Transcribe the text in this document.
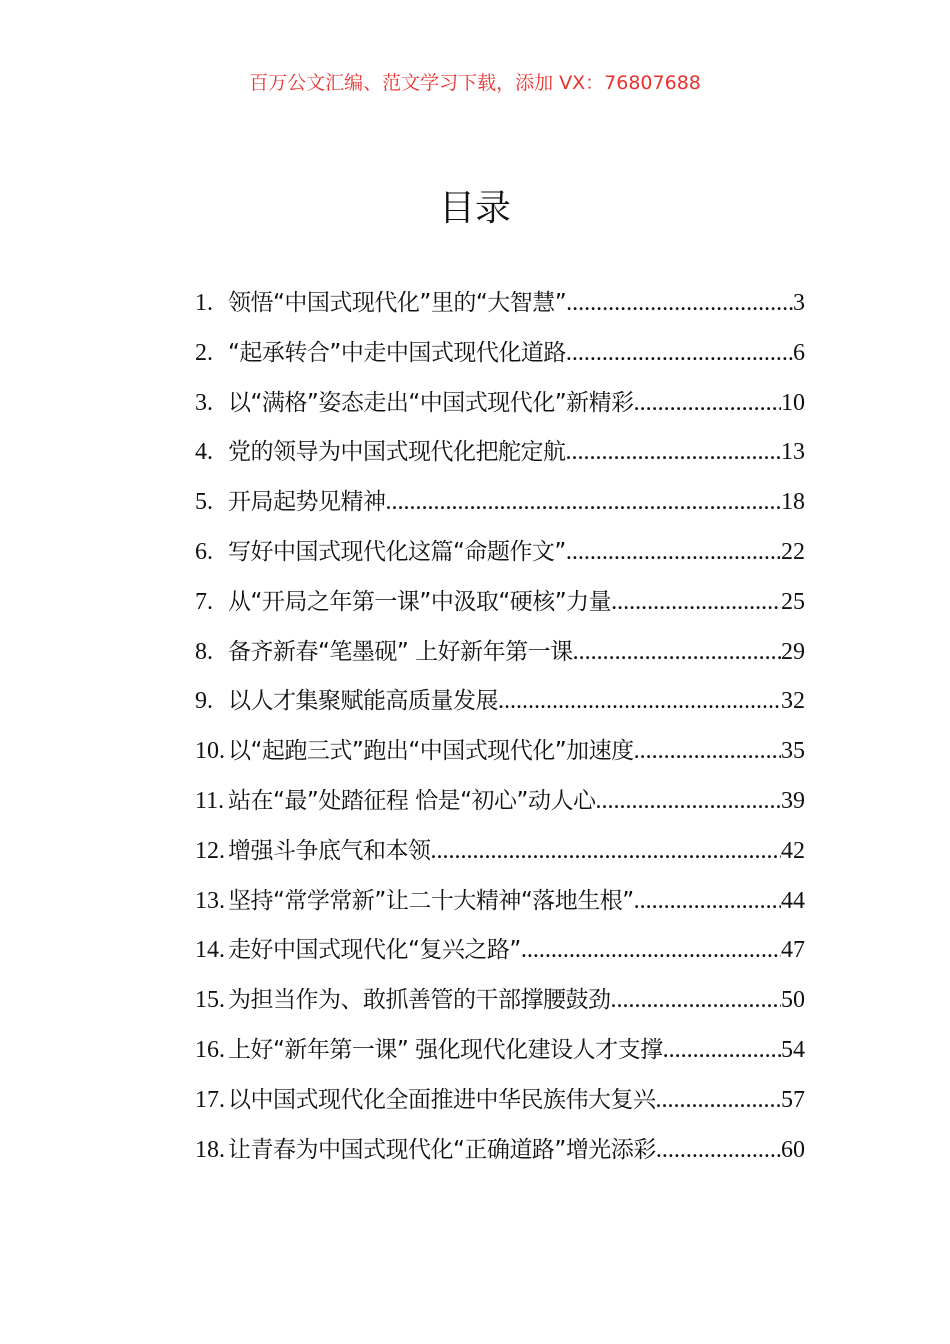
百万公文汇编、范文学习下载，添加 VX：76807688
目录
1. 领悟“中国式现代化”里的“大智慧” .....	3
2. “起承转合”中走中国式现代化道路 .....	6
3. 以“满格”姿态走出“中国式现代化”新精彩 .....	10
4. 党的领导为中国式现代化把舵定航 .....	13
5. 开局起势见精神 .....	18
6. 写好中国式现代化这篇“命题作文” .....	22
7. 从“开局之年第一课”中汲取“硬核”力量 .....	25
8. 备齐新春“笔墨砚” 上好新年第一课 .....	29
9. 以人才集聚赋能高质量发展 .....	32
10. 以“起跑三式”跑出“中国式现代化”加速度 .....	35
11. 站在“最”处踏征程 恰是“初心”动人心 .....	39
12. 增强斗争底气和本领 .....	42
13. 坚持“常学常新”让二十大精神“落地生根” .....	44
14. 走好中国式现代化“复兴之路” .....	47
15. 为担当作为、敢抓善管的干部撑腰鼓劲 .....	50
16. 上好“新年第一课” 强化现代化建设人才支撑 .....	54
17. 以中国式现代化全面推进中华民族伟大复兴 .....	57
18. 让青春为中国式现代化“正确道路”增光添彩 .....	60
